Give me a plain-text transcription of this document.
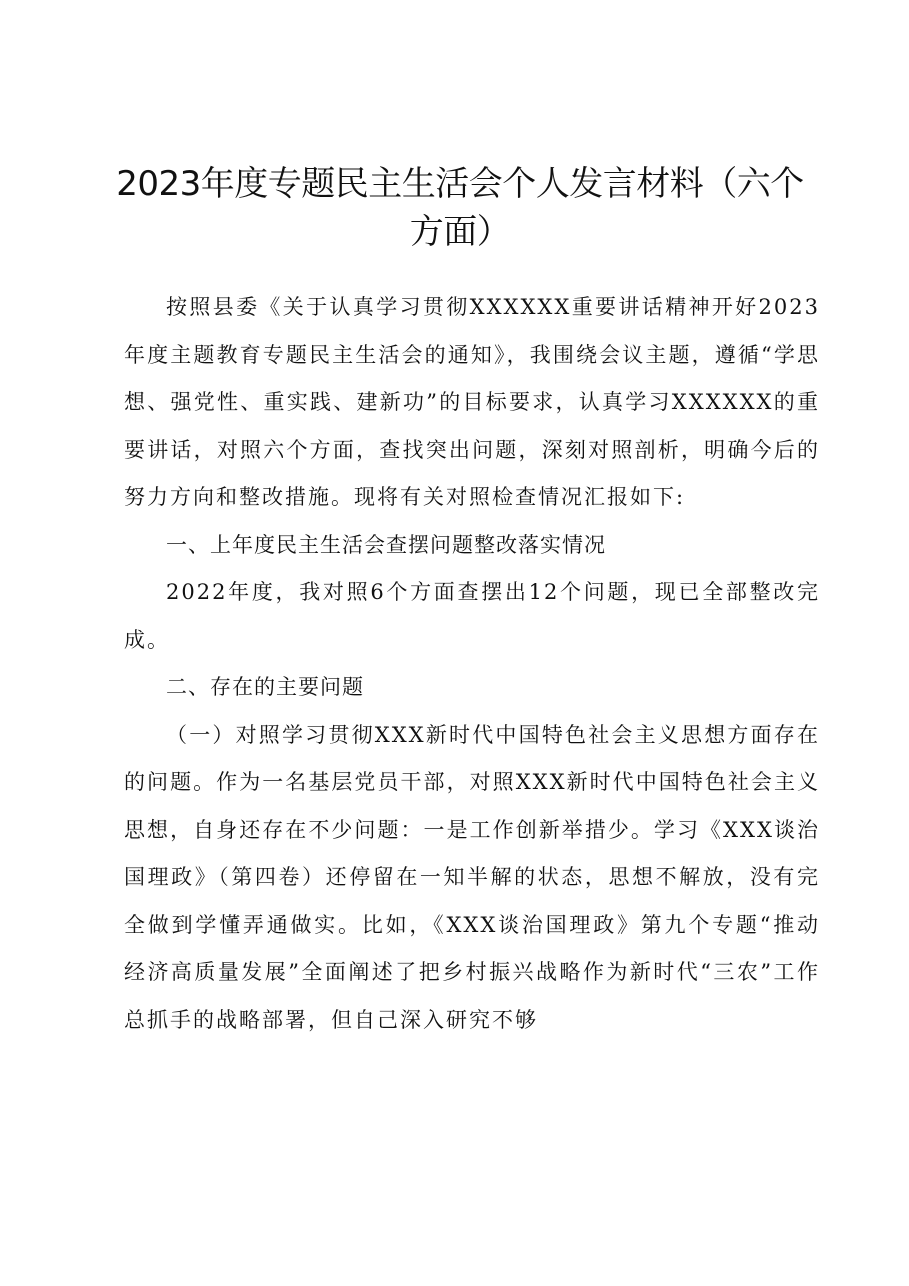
2023年度专题民主生活会个人发言材料（六个方面）

按照县委《关于认真学习贯彻XXXXXX重要讲话精神开好2023年度主题教育专题民主生活会的通知》，我围绕会议主题，遵循“学思想、强党性、重实践、建新功”的目标要求，认真学习XXXXXX的重要讲话，对照六个方面，查找突出问题，深刻对照剖析，明确今后的努力方向和整改措施。现将有关对照检查情况汇报如下:

一、上年度民主生活会查摆问题整改落实情况

2022年度，我对照6个方面查摆出12个问题，现已全部整改完成。

二、存在的主要问题

（一）对照学习贯彻XXX新时代中国特色社会主义思想方面存在的问题。作为一名基层党员干部，对照XXX新时代中国特色社会主义思想，自身还存在不少问题：一是工作创新举措少。学习《XXX谈治国理政》（第四卷）还停留在一知半解的状态，思想不解放，没有完全做到学懂弄通做实。比如，《XXX谈治国理政》第九个专题“推动经济高质量发展”全面阐述了把乡村振兴战略作为新时代“三农”工作总抓手的战略部署，但自己深入研究不够
